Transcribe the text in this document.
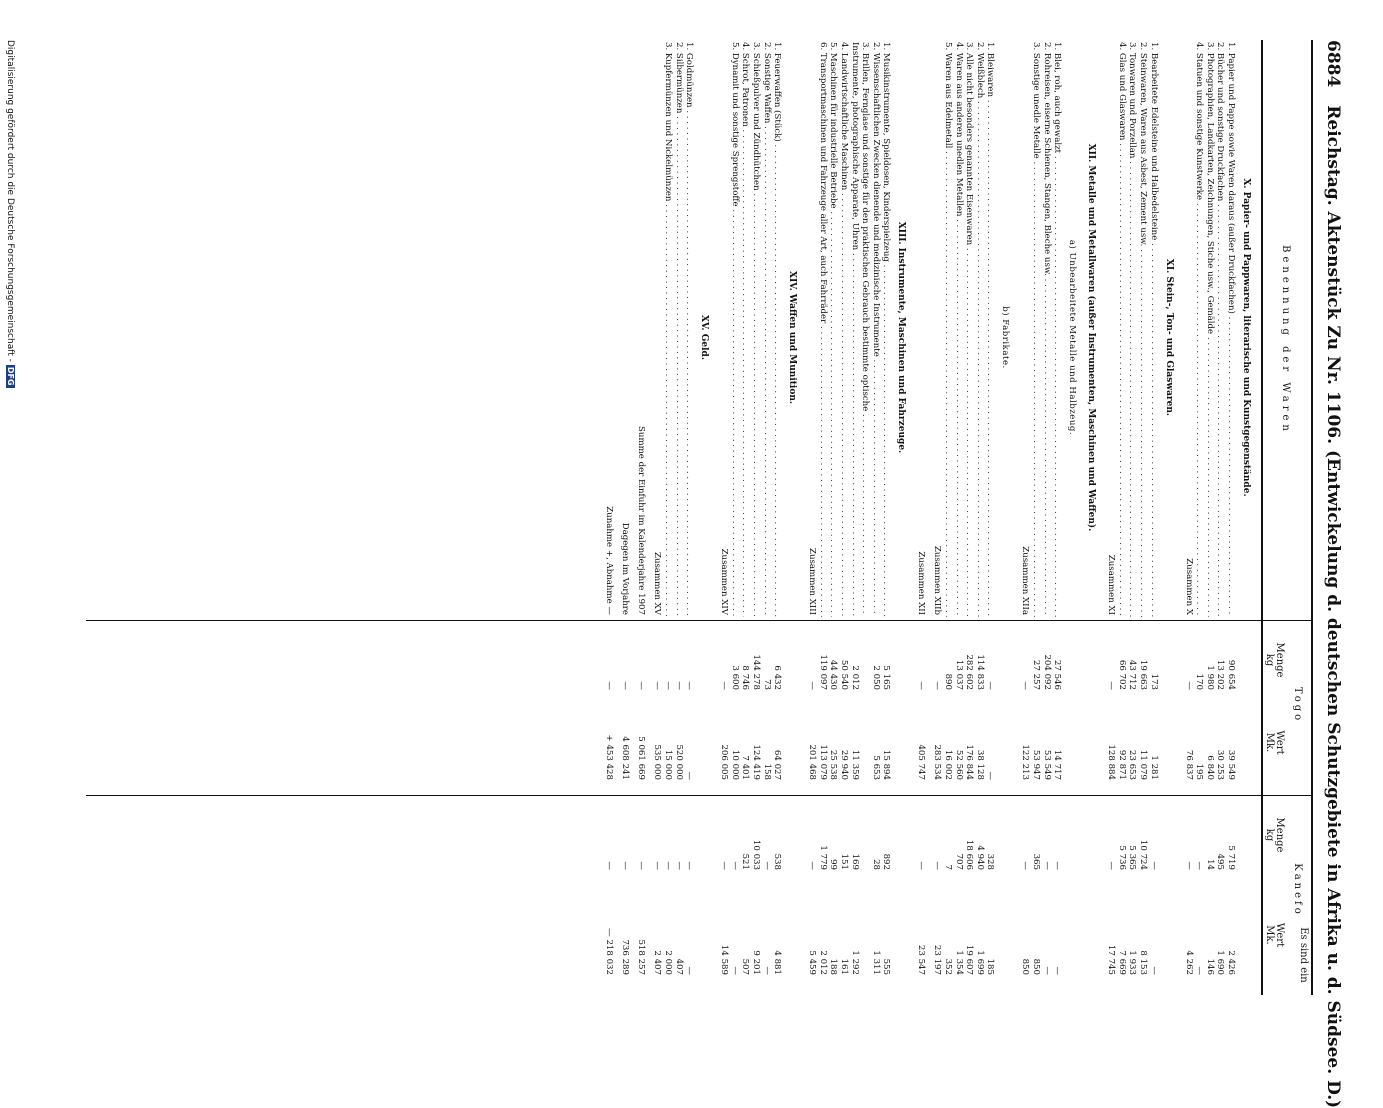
6884 Reichstag. Aktenstück Zu Nr. 1106. (Entwickelung d. deutschen Schutzgebiete in Afrika u. d. Südsee. D.)
Es sind ein
Benennung der Waren
Togo
Kanefo
Menge
kg
Wert
Mk.
Menge
kg
Wert
Mk.
X. Papier- und Pappwaren, literarische und Kunstgegenstände.
1. Papier und Pappe sowie Waren daraus (außer Druckfachen) . . .
90 654
39 549
5 719
2 426
2. Bücher und sonstige Druckfachen . . .
13 202
30 253
495
1 690
3. Photographien, Landkarten, Zeichnungen, Stiche usw., Gemälde . . .
1 980
6 840
14
146
4. Statuen und sonstige Kunstwerke . . .
170
195
—
—
Zusammen X
—
76 837
—
4 262
XI. Stein-, Ton- und Glaswaren.
1. Bearbeitete Edelsteine und Halbedelsteine . . .
173
1 281
—
—
2. Steinwaren, Waren aus Asbest, Zement usw. . . .
19 663
11 079
10 724
8 153
3. Tonwaren und Porzellan . . .
43 712
23 653
5 365
1 933
4. Glas und Glaswaren . . .
66 702
92 871
5 736
7 669
Zusammen XI
—
128 884
—
17 745
XII. Metalle und Metallwaren (außer Instrumenten, Maschinen und Waffen).
a) Unbearbeitete Metalle und Halbzeug.
1. Blei, roh, auch gewalzt . . .
27 546
14 717
—
—
2. Rohreisen, eiserne Schienen, Stangen, Bleche usw. . . .
204 092
53 549
—
—
3. Sonstige unedle Metalle . . .
27 257
53 947
365
850
Zusammen XIIa
—
122 213
—
850
b) Fabrikate.
1. Bleiwaren . . .
—
—
328
185
2. Weißblech . . .
114 833
38 128
4 940
1 699
3. Alle nicht besonders genannten Eisenwaren . . .
282 602
176 844
18 606
19 607
4. Waren aus anderen unedlen Metallen . . .
13 037
52 560
707
1 354
5. Waren aus Edelmetall . . .
890
16 002
7
352
Zusammen XIIb
—
283 534
—
23 197
Zusammen XII
—
405 747
—
23 547
XIII. Instrumente, Maschinen und Fahrzeuge.
1. Musikinstrumente, Spieldosen, Kinderspielzeug . . .
5 165
15 894
892
555
2. Wissenschaftlichen Zwecken dienende und medizinische Instrumente . . .
2 050
5 653
28
1 311
3. Brillen, Fernglase und sonstige für den praktischen Gebrauch bestimmte optische . . .
Instrumente, photographische Apparate, Uhren . . .
2 012
11 359
169
1 292
4. Landwirtschaftliche Maschinen . . .
50 540
29 940
151
161
5. Maschinen für industrielle Betriebe . . .
44 430
25 538
99
188
6. Transportmaschinen und Fahrzeuge aller Art, auch Fahrräder . . .
119 097
113 079
1 779
2 012
Zusammen XIII
—
201 468
—
5 459
XIV. Waffen und Munition.
1. Feuerwaffen (Stück) . . .
6 432
64 027
538
4 881
2. Sonstige Waffen . . .
73
158
—
—
3. Schießpulver und Zündhütchen . . .
144 278
124 419
10 033
9 201
4. Schrot, Patronen . . .
8 746
7 401
521
507
5. Dynamit und sonstige Sprengstoffe . . .
3 600
10 000
—
—
Zusammen XIV
—
206 005
—
14 589
XV. Geld.
1. Goldmünzen . . .
—
—
—
—
2. Silbermünzen . . .
—
520 000
—
407
3. Kupfermünzen und Nickelmünzen . . .
—
15 000
—
2 000
Zusammen XV
—
535 000
—
2 407
Summe der Einfuhr im Kalenderjahre 1907
—
5 061 669
—
518 257
Dagegen im Vorjahre
—
4 608 241
—
736 289
Zunahme +, Abnahme —
—
+ 453 428
—
— 218 032
Digitalisierung gefördert durch die Deutsche Forschungsgemeinschaft -DFG
